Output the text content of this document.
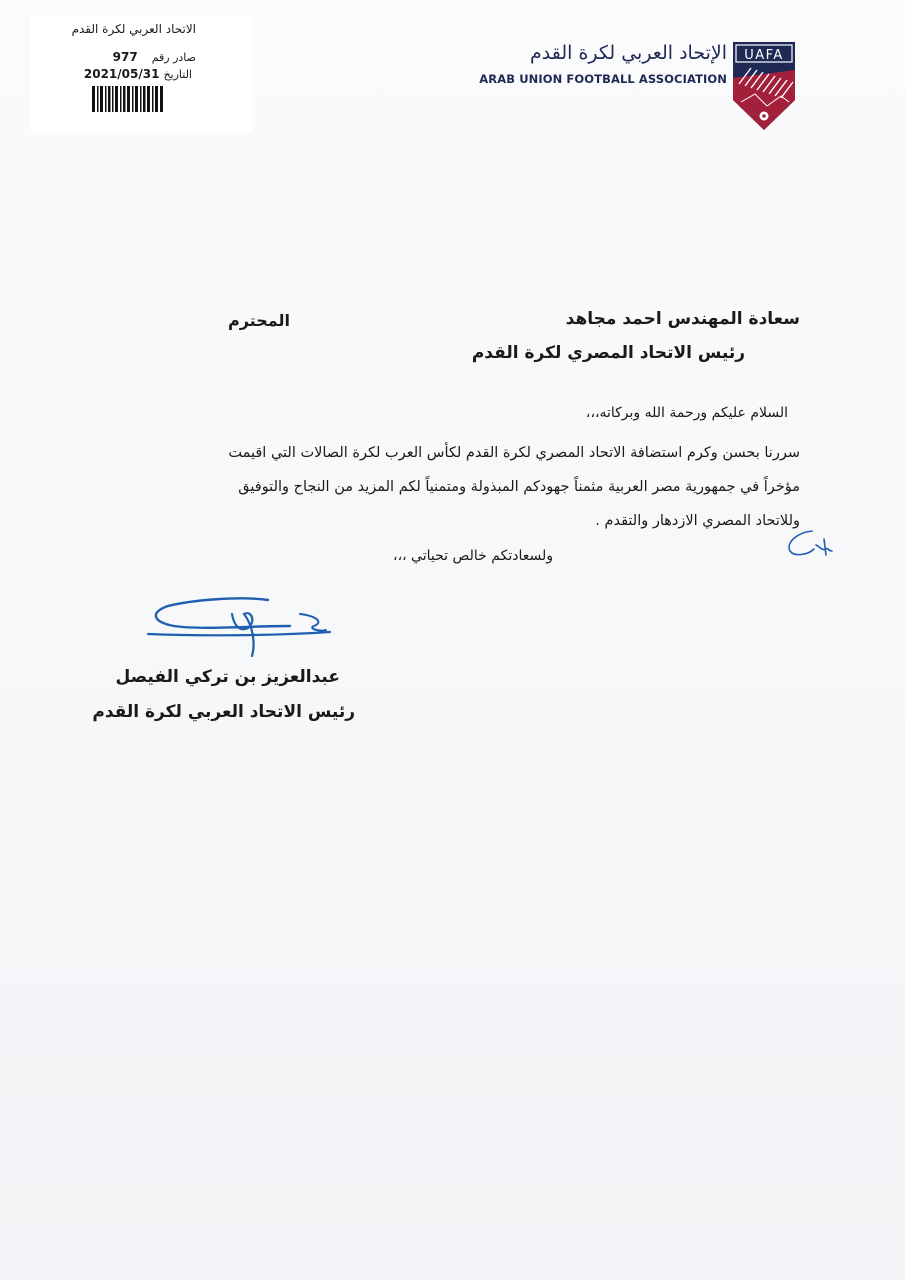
الاتحاد العربي لكرة القدم
صادر رقم
977
التاريخ
2021/05/31
الإتحاد العربي لكرة القدم
ARAB UNION FOOTBALL ASSOCIATION
UAFA
سعادة المهندس احمد مجاهد
المحترم
رئيس الاتحاد المصري لكرة القدم
السلام عليكم ورحمة الله وبركاته،،،
سررنا بحسن وكرم استضافة الاتحاد المصري لكرة القدم لكأس العرب لكرة الصالات التي اقيمت
مؤخراً في جمهورية مصر العربية مثمناً جهودكم المبذولة ومتمنياً لكم المزيد من النجاح والتوفيق
وللاتحاد المصري الازدهار والتقدم .
ولسعادتكم خالص تحياتي ،،،
عبدالعزيز بن تركي الفيصل
رئيس الاتحاد العربي لكرة القدم
